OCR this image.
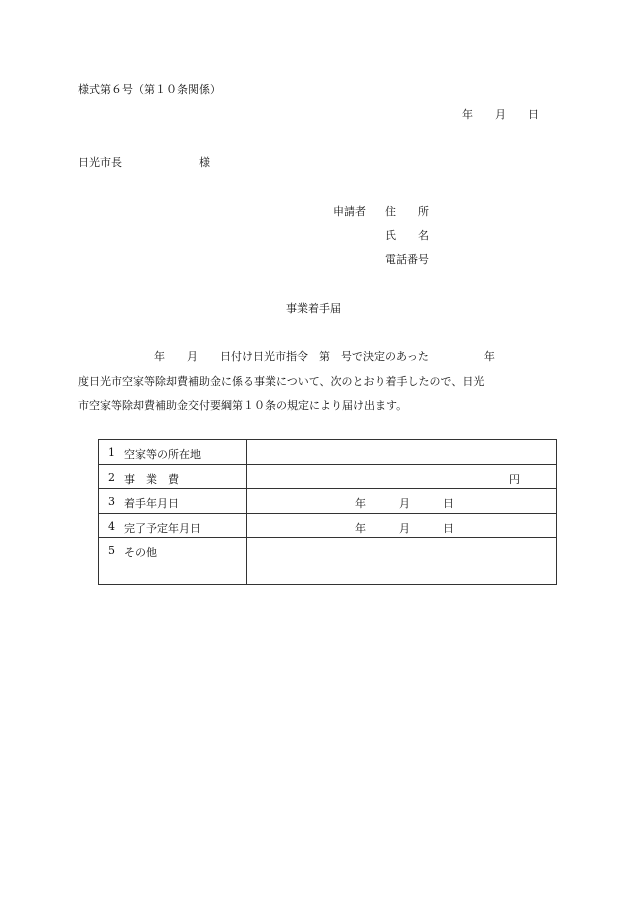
様式第６号（第１０条関係）
年　　月　　日
日光市長　　　　　　　様
申請者 住　　所
氏　　名
電話番号
事業着手届
年　　月　　日付け日光市指令　第　号で決定のあった　　　　　年
度日光市空家等除却費補助金に係る事業について、次のとおり着手したので、日光
市空家等除却費補助金交付要綱第１０条の規定により届け出ます。
1 空家等の所在地
2 事　業　費	円
3 着手年月日	年　　　月　　　日
4 完了予定年月日	年　　　月　　　日
5 その他
